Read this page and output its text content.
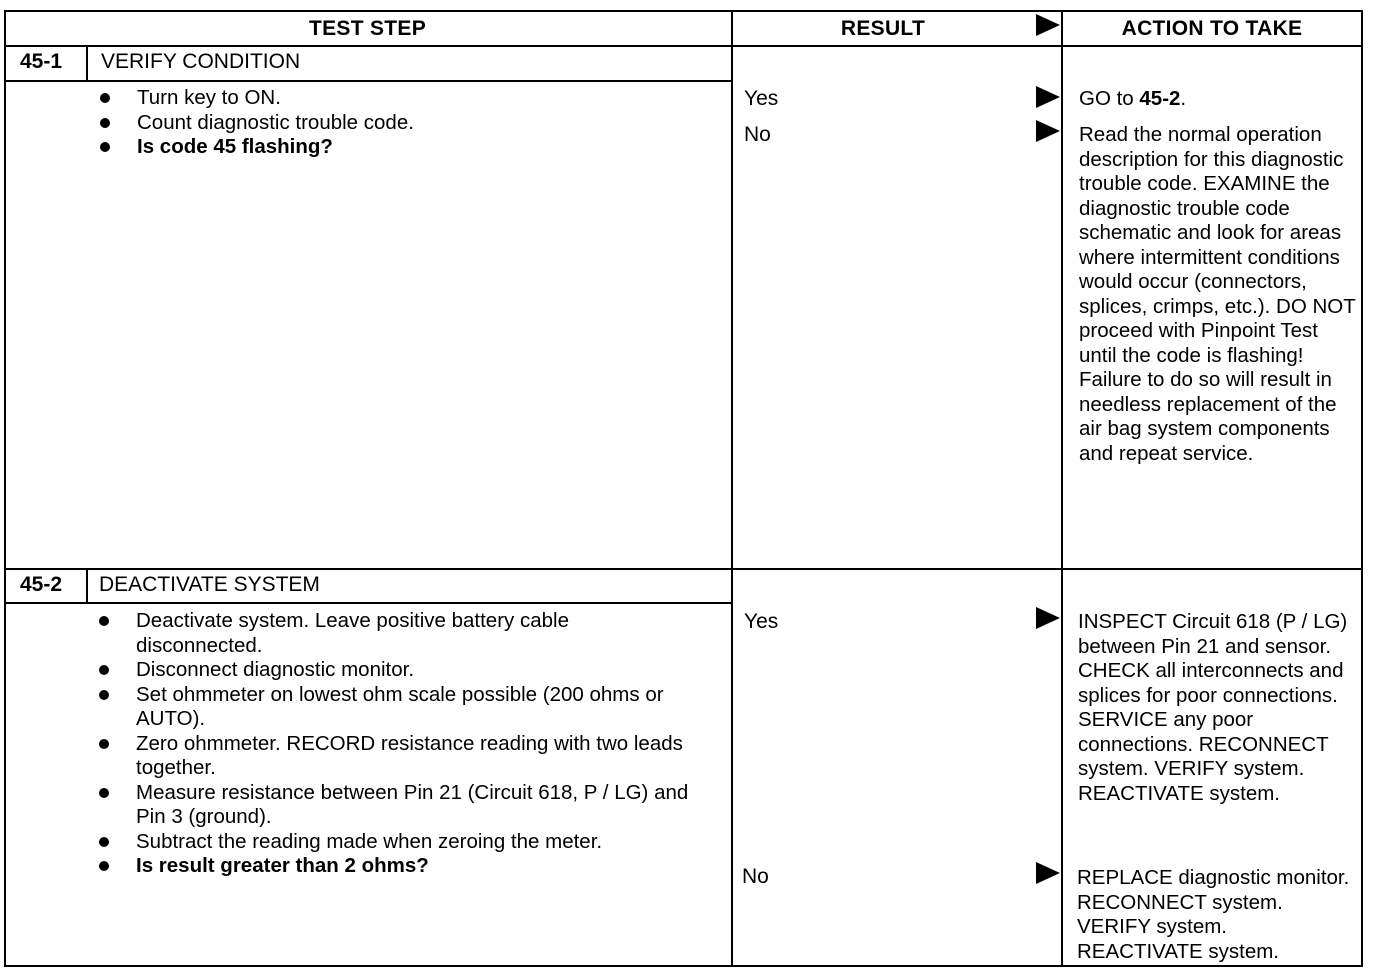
TEST STEP	RESULT	ACTION TO TAKE
45-1 VERIFY CONDITION
Turn key to ON.
Count diagnostic trouble code.
Is code 45 flashing?
Yes
No
GO to 45-2.
Read the normal operation description for this diagnostic trouble code. EXAMINE the diagnostic trouble code schematic and look for areas where intermittent conditions would occur (connectors, splices, crimps, etc.). DO NOT proceed with Pinpoint Test until the code is flashing! Failure to do so will result in needless replacement of the air bag system components and repeat service.
45-2 DEACTIVATE SYSTEM
Deactivate system. Leave positive battery cable disconnected.
Disconnect diagnostic monitor.
Set ohmmeter on lowest ohm scale possible (200 ohms or AUTO).
Zero ohmmeter. RECORD resistance reading with two leads together.
Measure resistance between Pin 21 (Circuit 618, P / LG) and Pin 3 (ground).
Subtract the reading made when zeroing the meter.
Is result greater than 2 ohms?
Yes
No
INSPECT Circuit 618 (P / LG) between Pin 21 and sensor. CHECK all interconnects and splices for poor connections. SERVICE any poor connections. RECONNECT system. VERIFY system. REACTIVATE system.
REPLACE diagnostic monitor. RECONNECT system. VERIFY system. REACTIVATE system.
